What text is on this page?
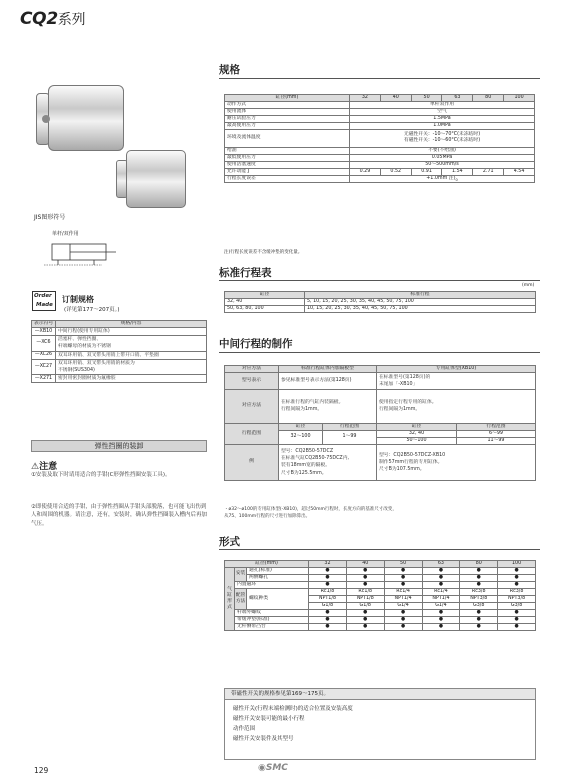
CQ2系列
JIS图形符号
单杆/双作用
Order
Made
订制规格
(详见第177～207页。)
表示符号	规格/内容
—XB10	中间行程(使用专用缸体)
—XC6	活塞杆、弹性挡圈、
杆端螺母的材质为不锈钢
—XC26	双耳环用销、双叉带头用销上带开口销、平垫圈
—XC27	双耳环用销、双叉带头用销的材质为
不锈钢(SUS304)
—X271	密封用密封圈材质为氟橡胶
弹性挡圈的装卸
⚠注意
①安装及取下时请用适合的手钳(C形弹性挡圈安装工具)。
②即使使用合适的手钳，由于弹性挡圈从手钳头部脱落，也可能飞出伤到人和周围的机器。请注意，还有，安装时，确认弹性挡圈装入槽内后再加气压。
规格
缸径(mm)	32	40	50	63	80	100
动作方式	单杆双作用					
使用流体	空气					
耐压试验压力	1.5MPa					
最高使用压力	1.0MPa					
环境及流体温度	无磁性开关：-10～70°C(未冻结时)
有磁性开关：-10～60°C(未冻结时)					

给油	不要(不给油)					
最低使用压力	0.05MPa					
使用活塞速度	50～500mm/s					
允许动能 J	0.29	0.52	0.91	1.54	2.71	4.54
行程长度误差	+1.0mm 注)$_0$
注)行程长度误差不含缓冲垫的变化量。
标准行程表
(mm)
缸径	标准行程
32, 40	5, 10, 15, 20, 25, 30, 35, 40, 45, 50, 75, 100
50, 63, 80, 100	10, 15, 20, 25, 30, 35, 40, 45, 50, 75, 100
中间行程的制作
对应方法	标准行程缸体内加隔板型		专用缸体型(XB10)	
型号表示	参见标准型号表示方法(第128页)		在标准型号(第128页)的
末尾加「-XB10」	
对应方法	在标准行程的气缸内装隔板。
行程间隔为1mm。		使用指定行程专用的缸体。
行程间隔为1mm。	
行程范围	缸径	行程范围	缸径	行程范围
	32～100	1～99	32, 40	6～99
			50～100	11～99
例	型号：CQ2B50-57DCZ
在标准气缸CQ2B50-75DCZ内,
装有18mm宽的隔板。
尺寸B为125.5mm。		型号：CQ2B50-57DCZ-XB10
制作57mm行程的专用缸体。
尺寸B为107.5mm。	
・ø32～ø100的专用缸体型(-XB10)，超过50mm行程时，长度方向的基准尺寸改变，
从75、100mm行程的尺寸进行加除算出。
形式
缸径(mm)			32	40	50	63	80	100
气缸形式	安装	通孔(标准)	●	●	●	●	●	●
		两侧螺孔	●	●	●	●	●	●
	内置磁环		●	●	●	●	●	●
	配管方法	螺纹种类	Rc1/8	Rc1/8	Rc1/4	Rc1/4	Rc3/8	Rc3/8
			NPT1/8	NPT1/8	NPT1/4	NPT1/4	NPT3/8	NPT3/8
			G1/8	G1/8	G1/4	G1/4	G3/8	G3/8
	杆端外螺纹		●	●	●	●	●	●
	带缓冲垫(标准)		●	●	●	●	●	●
	无杆侧带凸台		●	●	●	●	●	●
带磁性开关的规格参见第169～175页。
磁性开关(行程末端检测时)的适合位置及安装高度
磁性开关安装可能的最小行程
动作范围
磁性开关安装件及其型号
129	◉SMC
